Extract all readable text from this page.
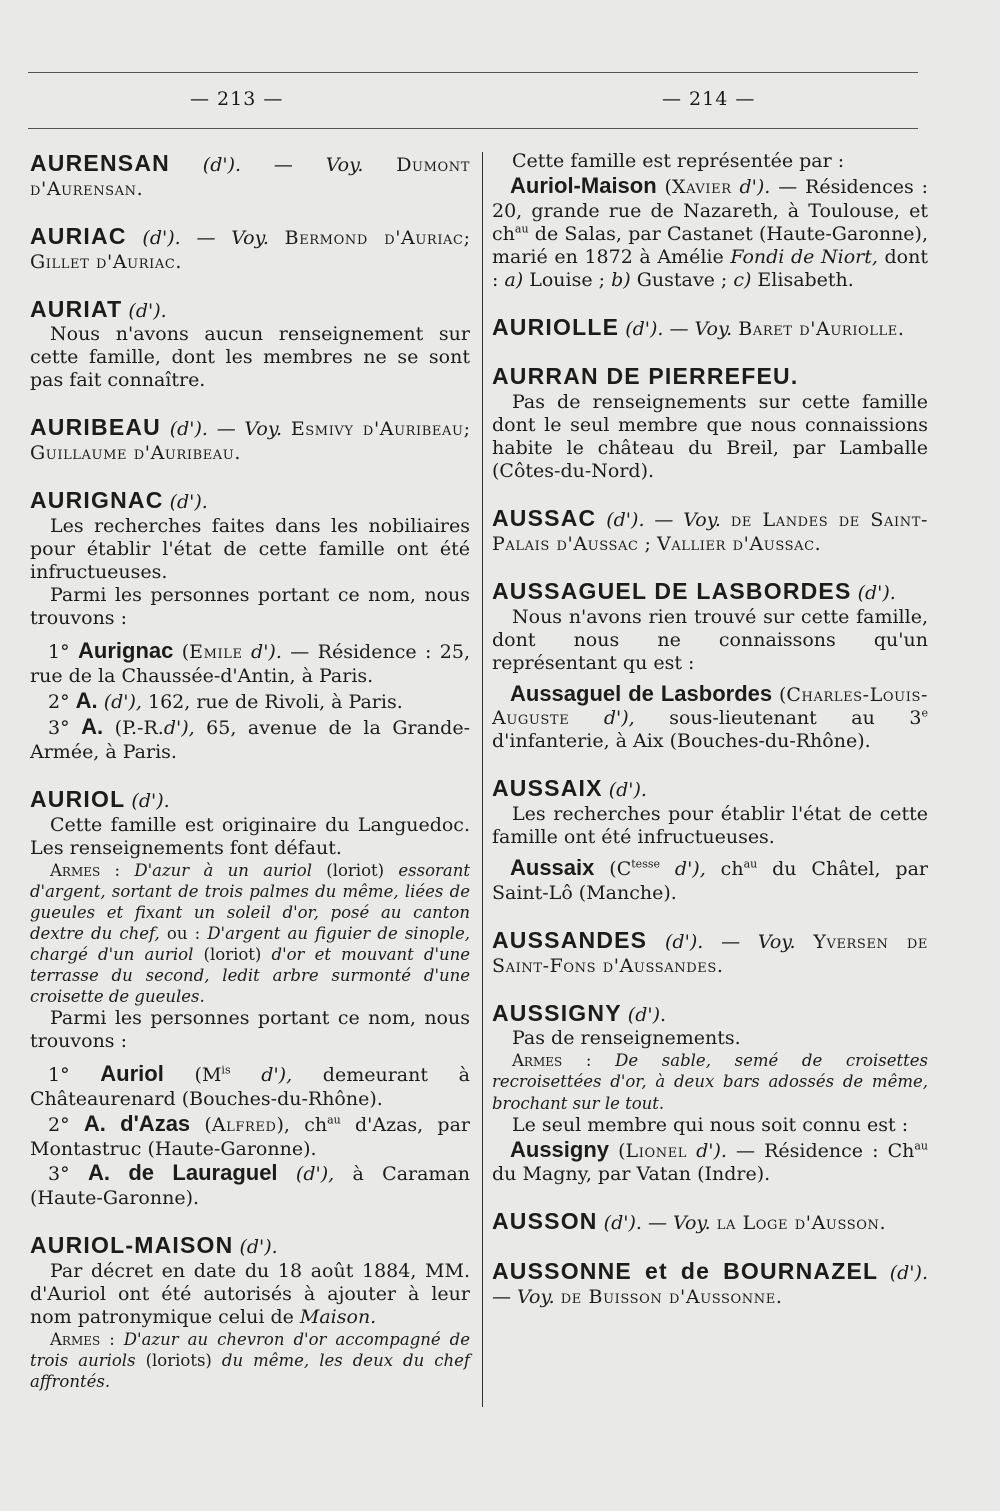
— 213 —	— 214 —
AURENSAN (d'). — Voy. Dumont d'Aurensan.
AURIAC (d'). — Voy. Bermond d'Auriac; Gillet d'Auriac.

AURIAT (d').

Nous n'avons aucun renseignement sur cette famille, dont les membres ne se sont pas fait connaître.

AURIBEAU (d'). — Voy. Esmivy d'Auribeau; Guillaume d'Auribeau.

AURIGNAC (d').

Les recherches faites dans les nobiliaires pour établir l'état de cette famille ont été infructueuses.

Parmi les personnes portant ce nom, nous trouvons :

1° Aurignac (Emile d'). — Résidence : 25, rue de la Chaussée-d'Antin, à Paris.

2° A. (d'), 162, rue de Rivoli, à Paris.

3° A. (P.-R.d'), 65, avenue de la Grande-Armée, à Paris.

AURIOL (d').

Cette famille est originaire du Languedoc. Les renseignements font défaut.

Armes : D'azur à un auriol (loriot) essorant d'argent, sortant de trois palmes du même, liées de gueules et fixant un soleil d'or, posé au canton dextre du chef, ou : D'argent au figuier de sinople, chargé d'un auriol (loriot) d'or et mouvant d'une terrasse du second, ledit arbre surmonté d'une croisette de gueules.

Parmi les personnes portant ce nom, nous trouvons :

1° Auriol ($M^{is}$ d'), demeurant à Châteaurenard (Bouches-du-Rhône).

2° A. d'Azas (Alfred), $ch^{au}$ d'Azas, par Montastruc (Haute-Garonne).

3° A. de Lauraguel (d'), à Caraman (Haute-Garonne).

AURIOL-MAISON (d').

Par décret en date du 18 août 1884, MM. d'Auriol ont été autorisés à ajouter à leur nom patronymique celui de Maison.

Armes : D'azur au chevron d'or accompagné de trois auriols (loriots) du même, les deux du chef affrontés.

Cette famille est représentée par :

Auriol-Maison (Xavier d'). — Résidences : 20, grande rue de Nazareth, à Toulouse, et $ch^{au}$ de Salas, par Castanet (Haute-Garonne), marié en 1872 à Amélie Fondi de Niort, dont : a) Louise ; b) Gustave ; c) Elisabeth.

AURIOLLE (d'). — Voy. Baret d'Auriolle.

AURRAN DE PIERREFEU.

Pas de renseignements sur cette famille dont le seul membre que nous connaissions habite le château du Breil, par Lamballe (Côtes-du-Nord).

AUSSAC (d'). — Voy. de Landes de Saint-Palais d'Aussac ; Vallier d'Aussac.

AUSSAGUEL DE LASBORDES (d').

Nous n'avons rien trouvé sur cette famille, dont nous ne connaissons qu'un représentant qu est :

Aussaguel de Lasbordes (Charles-Louis-Auguste d'), sous-lieutenant au 3e d'infanterie, à Aix (Bouches-du-Rhône).

AUSSAIX (d').

Les recherches pour établir l'état de cette famille ont été infructueuses.

Aussaix ($C^{tesse}$ d'), $ch^{au}$ du Châtel, par Saint-Lô (Manche).

AUSSANDES (d'). — Voy. Yversen de Saint-Fons d'Aussandes.

AUSSIGNY (d').

Pas de renseignements.

Armes : De sable, semé de croisettes recroisettées d'or, à deux bars adossés de même, brochant sur le tout.

Le seul membre qui nous soit connu est :

Aussigny (Lionel d'). — Résidence : $Ch^{au}$ du Magny, par Vatan (Indre).

AUSSON (d'). — Voy. la Loge d'Ausson.
AUSSONNE et de BOURNAZEL (d'). — Voy. de Buisson d'Aussonne.
